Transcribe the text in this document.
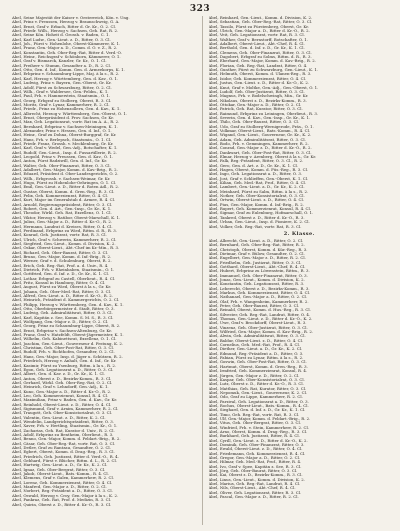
323
Abel, Seine Majestät der Kaiser v. Oesterreich, Kön. v. Ung.
Abel, Prinz v. Preussen, Herzog v. Braunschweig, G. A.
Abel, Ernst, Graf v. Erbach, Ritter d. Gr. Kr., O. 2. Cl.
Abel, Friedr. Wilh., Herzog v. Sachsen, Geh. Rat, R. 2.
Abel, Seine Kön. Hoheit d. Grossh. v. Baden, C. 1.
Abel, Karl Ludw., Gen.-Lieut. z. D., Ritter, O. 3. Cl.
Abel, Joh., Fürst v. Hohenlohe, Oberst-Kämmerer, K. 1.
Abel, Franz, Gen.-Major a. D., Comm. d. O. v. Z., R. 2.
Abel, Konstantin, Geh. Ober-Reg.-Rat, Ritter d. Verd.-O.
Abel, Heinr., Reichsgraf v. Schönborn, Kämmerer, O. 1.
Abel, Graf v. Bismarck, Kanzler, Gr. Kr., O. 1. Cl.
Abel, Freiherr v. Stumm, Gesandter a. D., R. 2. Cl.
Abel, Otto, Gen. d. Inf., Komm. Gen. d. Armeekorps, K. 1.
Abel, Erbprinz v. Schaumburg-Lippe, Maj. à la s., R. 2.
Abel, Karl, Herzog v. Württemberg, Gen. d. Kav., O. 1.
Abel, Ludwig, Prinz v. Bayern, Gen.-Oberst, Gr. Kr.
Abel, Adolf, Fürst zu Schwarzburg, Ritter, O. 2. Cl.
Abel, Wilh., Graf v. Waldersee, Gen.-Feldm., K. 1.
Abel, Paul, Frh. v. Hammerstein, Staatsmin., O. 1.
Abel, Georg, Erbgraf zu Stolberg, Oberst, R. 3. Cl.
Abel, Moritz, Graf v. Lynar, Kammerherr, R. 2. Cl.
Abel, Friedr., Prinz zu Hohenzollern, Gen. d. Kav., K. 1.
Abel, Albrecht, Herzog v. Württemberg, Gen.-Oberst, O. 1.
Abel, Ernst, Oberpräsident d. Prov. Sachsen, Gr. Kr.
Abel, Max, Geh. Legationsrat, vortr. Rat im A. A., R. 2.
Abel, Bernhard, Erbprinz v. Sachsen-Meiningen, K. 1.
Abel, Alexander, Prinz v. Hessen, Gen. d. Inf., O. 1.
Abel, Heinr., Graf zu Dohna, Oberst-Burggraf, Gr. Kr.
Abel, Hans, Frh. v. Berlepsch, Staatsmin., O. 1. Cl.
Abel, Friedr. Franz, Grossh. v. Mecklenburg, Gr. Kr.
Abel, Karl, Graf v. Wedel, Gen.-Adj., Botschafter, K. 1.
Abel, Rudolf, Gen.-Lieut., Insp. d. Fussartillerie, R. 2.
Abel, Leopold, Prinz v. Preussen, Gen. d. Kav., O. 1.
Abel, Anton, Fürst Radziwill, Gen. d. Inf., Gr. Kr.
Abel, Walter, Geh. Ober-Finanzrat, Ritter, O. 3. Cl.
Abel, Adalbert, Gen.-Major, Komm. d. Kav.-Brig., R. 2.
Abel, Eduard, Präsident d. Ober-Landesgerichts, O. 2.
Abel, Wilh., Erbgrossh. v. Sachsen-Weimar, Gr. Kr.
Abel, Hugo, Fürst zu Hohenlohe-Oehringen, O. 1. Cl.
Abel, Emil, Gen.-Lieut. z. D., Ritter d. Roten Adl., R. 2.
Abel, Gustav, Oberst, Komm. d. Gren.-Reg., R. 3. Cl.
Abel, Felix, Geh. Kommerzienrat, Ritter, O. 4. Cl.
Abel, Kurt, Major im Generalstab d. Armee, R. 4. Cl.
Abel, Arnold, Regierungspräsident, Ritter, O. 3. Cl.
Abel, Robert, Gen. d. Art., Gen.-Insp., Gr. Kr., K. 1.
Abel, Theodor, Wirkl. Geh. Rat, Exzellenz, O. 1. Cl.
Abel, Viktor, Herzog v. Ratibor, Oberst-Marschall, K. 1.
Abel, Julius, Gen.-Major a. D., Ritter d. Kr.-O., R. 2.
Abel, Hermann, Landrat d. Kreises, Ritter, O. 4. Cl.
Abel, Ferdinand, Erbprinz zu Wied, Rittm. d. R., R. 3.
Abel, Konrad, Geh. Justizrat, vortr. Rat, R. 3. Cl.
Abel, Ulrich, Graf v. Schwerin, Kammerherr, R. 2. Cl.
Abel, Siegfried, Gen.-Lieut., Komm. d. Division, K. 2.
Abel, Oskar, Oberst-Lieut., Abt.-Chef im Kr.-Min., R. 3.
Abel, Richard, Geh. Ober-Baurat, Ritter, O. 3. Cl.
Abel, Bruno, Gen.-Major, Komm. d. Inf.-Brig., R. 2.
Abel, Werner, Graf v. d. Schulenburg, Oberst, R. 2.
Abel, Erich, Geh. Reg.-Rat, Prof. a. d. Univ., R. 4.
Abel, Dietrich, Frh. v. Rheinbaben, Staatsmin., O. 1.
Abel, Gottfried, Gen. d. Inf. z. D., Gr. Kr., K. 1. Cl.
Abel, Lothar, Erbgraf zu Castell, Oberlieut., R. 4. Cl.
Abel, Fritz, Konsul in Hamburg, Ritter, O. 4. Cl.
Abel, August, Fürst zu Wied, Oberst à la s., Gr. Kr.
Abel, Johann, Geh. Ober-Med.-Rat, Ritter, O. 3. Cl.
Abel, Alfred, Gen.-Lieut. a. D., Ritter d. Kr.-O., R. 2.
Abel, Heinrich, Präsident d. Kammergerichts, O. 2. Cl.
Abel, Philipp, Herzog v. Württemberg, Gen. d. Kav., K. 1.
Abel, Otto, Oberbürgermeister d. Stadt, Ritter, O. 3.
Abel, Ludwig, Geh. Admiralitätsrat, Ritter, O. 3. Cl.
Abel, Karl, Kapitän z. See, Komm. S. M. S., R. 3. Cl.
Abel, Wolfgang, Gen.-Major z. D., Ritter, O. 2. Cl.
Abel, Georg, Prinz zu Schaumburg-Lippe, Oberst, R. 2.
Abel, Ernst, Erbprinz v. Sachsen-Altenburg, Gr. Kr.
Abel, Franz, Graf v. Hatzfeldt, Oberst-Jägermeister, K. 1.
Abel, Wilhelm, Geh. Kabinettsrat, Exzellenz, O. 1. Cl.
Abel, Joachim, Gen.-Lieut., Gouverneur d. Festung, K. 2.
Abel, Christian, Geh. Ober-Post-Rat, Ritter, O. 3. Cl.
Abel, Rudolf, Frh. v. Richthofen, Gesandter, O. 2. Cl.
Abel, Hans, Gen.-Major, Insp. d. Jäger u. Schützen, R. 2.
Abel, Friedrich, Herzog v. Anhalt, Gen. d. Inf., Gr. Kr.
Abel, Kasimir, Fürst zu Ysenburg, Rittm. à la s., R. 2.
Abel, Egon, Geh. Legationsrat a. D., Ritter, O. 3. Cl.
Abel, Albert, Gen. d. Kav. z. D., Gr. Kr., K. 1. Cl.
Abel, Anton, Oberst z. D., Bezirks-Komm., R. 3. Cl.
Abel, Gerhard, Wirkl. Geh. Ober-Reg.-Rat, O. 2. Cl.
Abel, Heinrich, Graf v. Lehndorff, Gen.-Adj., K. 1.
Abel, Kuno, Gen.-Major a. D., Ritter d. Kr.-O., R. 2.
Abel, Leo, Geh. Kommerzienrat, Konsul, R. 4. Cl.
Abel, Maximilian, Prinz v. Baden, Gen. d. Kav., Gr. Kr.
Abel, Reinhold, Oberst-Lieut. z. D., Ritter, O. 4. Cl.
Abel, Sigismund, Graf v. Arnim, Kammerherr, R. 2. Cl.
Abel, Traugott, Geh. Ober-Konsistorialrat, O. 3. Cl.
Abel, Valentin, Gen.-Lieut. z. D., Ritter, K. 2. Cl.
Abel, Wendelin, Landgerichtspräsident, Ritter, O. 3.
Abel, Xaver, Frh. v. Hertling, Staatsmin., Gr. Kr., O. 1.
Abel, Zacharias, Geh. Rat, Kurator d. Univ., R. 2. Cl.
Abel, Adolf, Erbprinz zu Bentheim, Oberlieut., R. 3.
Abel, Benno, Gen.-Major, Komm. d. Feldart.-Brig., R. 2.
Abel, Cäsar, Geh. Ober-Reg.-Rat, vortr. Rat, O. 3. Cl.
Abel, Detlev, Graf zu Rantzau, Gesandter, O. 2. Cl.
Abel, Egbert, Oberst, Komm. d. Drag.-Reg., R. 3. Cl.
Abel, Friedrich, Geh. Justizrat, Ritter d. Verd.-O., R. 4.
Abel, Gebhard, Fürst v. Blücher, Rittm. d. L., R. 2. Cl.
Abel, Hartwig, Gen.-Lieut. a. D., Gr. Kr., K. 2. Cl.
Abel, Ignaz, Geh. Ober-Bergrat, Ritter, O. 3. Cl.
Abel, Jakob, Oberst-Lieut., Bats.-Komm., R. 4. Cl.
Abel, Klemens, Graf v. Galen, Kammerherr, R. 2. Cl.
Abel, Lorenz, Geh. Kommerzienrat, Ritter, O. 4. Cl.
Abel, Manfred, Gen.-Major z. D., Ritter, O. 2. Cl.
Abel, Norbert, Reg.-Präsident a. D., Ritter, O. 3. Cl.
Abel, Oswald, Herzog v. Croy, Gen.-Major à la s., K. 2.
Abel, Pankraz, Geh. Rat, Prof. d. Medizin, R. 3. Cl.
Abel, Quirin, Oberst z. D., Ritter d. Kr.-O., R. 3. Cl.
Abel, Reinhard, Gen.-Lieut., Komm. d. Division, K. 2.
Abel, Sebastian, Geh. Ober-Reg.-Rat, Ritter, O. 3. Cl.
Abel, Tassilo, Fürst zu Fürstenberg, Oberst, Gr. Kr.
Abel, Ulrich, Gen.-Major a. D., Ritter d. Kr.-O., R. 2.
Abel, Veit, Geh. Legationsrat, vortr. Rat, R. 3. Cl.
Abel, Walther, Graf v. Bernstorff, Botschafter, O. 1.
Abel, Adalbert, Oberst-Lieut., Abt.-Chef, R. 4. Cl.
Abel, Berthold, Gen. d. Inf. z. D., Gr. Kr., K. 1. Cl.
Abel, Clemens, Geh. Ober-Finanzrat, Ritter, O. 3. Cl.
Abel, Dagobert, Erbgraf zu Solms, Rittm. d. R., R. 3.
Abel, Eberhard, Gen.-Major, Komm. d. Kav.-Brig., R. 2.
Abel, Florian, Geh. Reg.-Rat, Landrat, Ritter, O. 4.
Abel, Gunther, Fürst zu Schwarzburg, Gen.-Lieut., K. 1.
Abel, Helmuth, Oberst, Komm. d. Ulanen-Reg., R. 3.
Abel, Isidor, Geh. Kommerzienrat, Ritter, O. 4. Cl.
Abel, Justus, Gen.-Lieut. z. D., Ritter d. Kr.-O., K. 2.
Abel, Knut, Graf v. Moltke, Gen.-Adj., Gen.-Oberst, O. 1.
Abel, Ludolf, Geh. Ober-Justizrat, Ritter, O. 3. Cl.
Abel, Magnus, Frh. v. Bodelschwingh, Min., Gr. Kr.
Abel, Nikolaus, Oberst z. D., Bezirks-Komm., R. 3.
Abel, Ottokar, Gen.-Major a. D., Ritter, O. 2. Cl.
Abel, Patrick, Geh. Rat, Kurator, Ritter, O. 3. Cl.
Abel, Raimund, Erbprinz zu Leiningen, Oberlieut., R. 3.
Abel, Severin, Gen. d. Kav., Gen.-Insp., Gr. Kr., K. 1.
Abel, Thilo, Geh. Ober-Baurat, Ritter, O. 3. Cl.
Abel, Udo, Graf zu Stolberg-Wernigerode, Präs., O. 1.
Abel, Volkmar, Oberst-Lieut., Bats.-Komm., R. 4. Cl.
Abel, Wigand, Gen.-Lieut., Gouverneur, Gr. Kr., K. 2.
Abel, Adam, Geh. Admiralitätsrat, Ritter, O. 3. Cl.
Abel, Bodo, Frh. v. Gemmingen, Kammerherr, R. 2.
Abel, Conrad, Gen.-Major z. D., Ritter d. Kr.-O., R. 2.
Abel, Dankwart, Geh. Ober-Post-Rat, Ritter, O. 3. Cl.
Abel, Elmar, Herzog v. Arenberg, Oberst à la s., Gr. Kr.
Abel, Falk, Reg.-Präsident, Ritter, O. 3. Cl., R. 2.
Abel, Gero, Gen. d. Art. z. D., Gr. Kr., K. 1. Cl.
Abel, Hagen, Oberst, Komm. d. Füs.-Reg., R. 3. Cl.
Abel, Ingo, Geh. Legationsrat a. D., Ritter, O. 3.
Abel, Jost, Graf v. Schlieffen, Gen.-Oberst, K. 1. Cl.
Abel, Kilian, Geh. Med.-Rat, Prof., Ritter, O. 4. Cl.
Abel, Lambert, Gen.-Lieut. a. D., Gr. Kr., K. 2. Cl.
Abel, Meinhard, Fürst zu Salm, Rittm. à la s., R. 2.
Abel, Notker, Geh. Ober-Konsistorialrat, O. 3. Cl.
Abel, Ortwin, Oberst-Lieut. z. D., Ritter, O. 4. Cl.
Abel, Pius, Gen.-Major, Komm. d. Inf.-Brig., R. 2.
Abel, Rupert, Geh. Kommerzienrat, Konsul, R. 4. Cl.
Abel, Sigmar, Graf zu Eulenburg, Hofmarschall, O. 1.
Abel, Tankred, Oberst z. D., Ritter d. Kr.-O., R. 3.
Abel, Urban, Gen.-Lieut., Insp. d. Pioniere, K. 2. Cl.
Abel, Volker, Geh. Reg.-Rat, vortr. Rat, R. 3. Cl.
2. Klasse.
Abel, Albrecht, Gen.-Lieut. a. D., Ritter, O. 2. Cl.
Abel, Bernhard, Geh. Ober-Reg.-Rat, Ritter, R. 2.
Abel, Christoph, Oberst, Komm. d. Kür.-Reg., R. 3.
Abel, Dietmar, Graf v. Bülow, Gesandter, O. 2. Cl.
Abel, Engelbert, Gen.-Major z. D., Ritter, R. 2. Cl.
Abel, Friedhelm, Geh. Justizrat, Ritter, O. 3. Cl.
Abel, Gotthard, Oberst-Lieut., Abt.-Chef, R. 4. Cl.
Abel, Hubert, Erbprinz zu Löwenstein, Rittm., R. 3.
Abel, Immanuel, Geh. Ober-Finanzrat, Ritter, O. 3.
Abel, Jonas, Gen.-Lieut., Komm. d. Division, K. 2.
Abel, Konstantin, Geh. Legationsrat, Ritter, R. 3.
Abel, Leberecht, Oberst z. D., Bezirks-Komm., R. 3.
Abel, Markus, Geh. Kommerzienrat, Ritter, O. 4. Cl.
Abel, Nathanael, Gen.-Major a. D., Ritter, O. 2. Cl.
Abel, Olaf, Frh. v. Wangenheim, Kammerherr, R. 2.
Abel, Peter, Geh. Ober-Baurat, Ritter, O. 3. Cl.
Abel, Reinald, Oberst, Komm. d. Hus.-Reg., R. 3. Cl.
Abel, Silvester, Geh. Reg.-Rat, Landrat, Ritter, O. 4.
Abel, Thomas, Gen.-Lieut. z. D., Ritter d. Kr.-O., K. 2.
Abel, Uwe, Graf v. Brockdorff, Oberst-Lieut., R. 3.
Abel, Vinzenz, Geh. Ober-Justizrat, Ritter, O. 3. Cl.
Abel, Wilfried, Gen.-Major, Komm. d. Kav.-Brig., R. 2.
Abel, Alwin, Geh. Admiralitätsrat, Ritter, O. 3. Cl.
Abel, Baldur, Oberst-Lieut. z. D., Ritter, O. 4. Cl.
Abel, Cornelius, Geh. Med.-Rat, Prof., R. 4. Cl.
Abel, Diether, Gen.-Lieut. a. D., Gr. Kr., K. 2. Cl.
Abel, Edmund, Reg.-Präsident a. D., Ritter, O. 3.
Abel, Fabian, Fürst zu Lynar, Rittm. à la s., R. 2.
Abel, Goswin, Geh. Ober-Post-Rat, Ritter, O. 3. Cl.
Abel, Hartmut, Oberst, Komm. d. Gren.-Reg., R. 3.
Abel, Irmfried, Geh. Kommerzienrat, Konsul, R. 4.
Abel, Jürgen, Gen.-Major z. D., Ritter, O. 2. Cl.
Abel, Kaspar, Geh. Ober-Konsistorialrat, O. 3. Cl.
Abel, Lutz, Oberst z. D., Ritter d. Kr.-O., R. 3. Cl.
Abel, Matthias, Geh. Rat, Kurator, Ritter, O. 3. Cl.
Abel, Nepomuk, Gen.-Lieut., Gouverneur, K. 2. Cl.
Abel, Odo, Graf zu Lippe, Kammerherr, R. 2. Cl.
Abel, Parzival, Geh. Legationsrat a. D., Ritter, O. 3.
Abel, Rochus, Oberst-Lieut., Bats.-Komm., R. 4. Cl.
Abel, Sieghard, Gen. d. Inf. z. D., Gr. Kr., K. 1. Cl.
Abel, Timo, Geh. Reg.-Rat, vortr. Rat, R. 3. Cl.
Abel, Ulf, Gen.-Major, Komm. d. Feldart.-Brig., R. 2.
Abel, Vitus, Geh. Ober-Bergrat, Ritter, O. 3. Cl.
Abel, Winfried, Frh. v. Stein, Kammerherr, R. 2. Cl.
Abel, Arno, Oberst, Komm. d. Drag.-Reg., R. 3. Cl.
Abel, Burkhard, Geh. Justizrat, Ritter, R. 4. Cl.
Abel, Cyrill, Gen.-Lieut. z. D., Ritter d. Kr.-O., K. 2.
Abel, Dominik, Geh. Ober-Finanzrat, Ritter, O. 3.
Abel, Ewald, Oberst-Lieut. z. D., Ritter, O. 4. Cl.
Abel, Friedemann, Geh. Kommerzienrat, R. 4. Cl.
Abel, Gregor, Gen.-Major a. D., Ritter, O. 2. Cl.
Abel, Hilmar, Geh. Med.-Rat, Prof., Ritter, R. 4.
Abel, Ivo, Graf v. Spee, Kapitän z. See, R. 3. Cl.
Abel, Jörg, Geh. Ober-Baurat, Ritter, O. 3. Cl.
Abel, Kai, Oberst z. D., Bezirks-Komm., R. 3. Cl.
Abel, Linus, Gen.-Lieut., Komm. d. Division, K. 2.
Abel, Marius, Geh. Reg.-Rat, Landrat, R. 4. Cl.
Abel, Nils, Oberst-Lieut., Abt.-Chef, R. 4. Cl.
Abel, Oliver, Geh. Legationsrat, Ritter, R. 3. Cl.
Abel, Pascal, Gen.-Major z. D., Ritter, R. 2. Cl.
